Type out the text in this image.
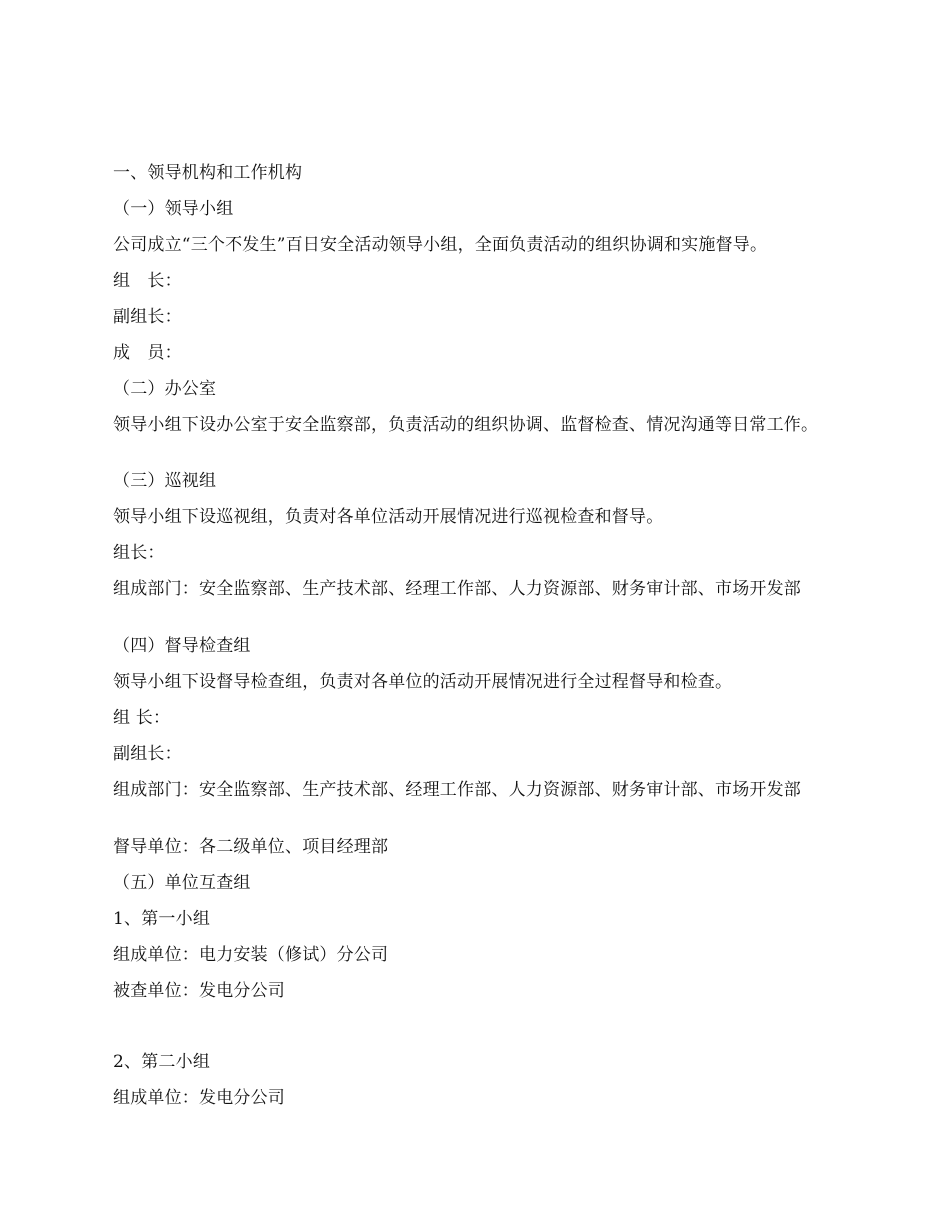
一、领导机构和工作机构
（一）领导小组
公司成立“三个不发生”百日安全活动领导小组，全面负责活动的组织协调和实施督导。
组　长：
副组长：
成　员：
（二）办公室
领导小组下设办公室于安全监察部，负责活动的组织协调、监督检查、情况沟通等日常工作。
（三）巡视组
领导小组下设巡视组，负责对各单位活动开展情况进行巡视检查和督导。
组长：
组成部门：安全监察部、生产技术部、经理工作部、人力资源部、财务审计部、市场开发部
（四）督导检查组
领导小组下设督导检查组，负责对各单位的活动开展情况进行全过程督导和检查。
组 长：
副组长：
组成部门：安全监察部、生产技术部、经理工作部、人力资源部、财务审计部、市场开发部
督导单位：各二级单位、项目经理部
（五）单位互查组
1、第一小组
组成单位：电力安装（修试）分公司
被查单位：发电分公司
2、第二小组
组成单位：发电分公司
